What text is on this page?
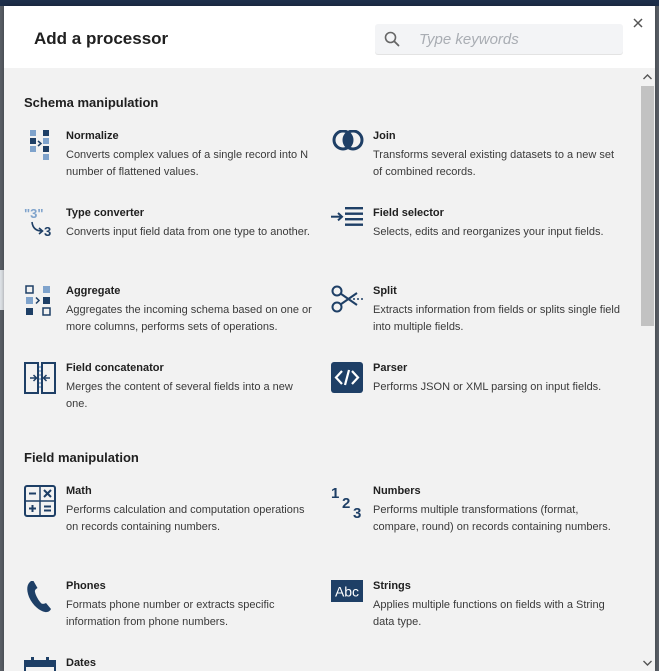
Add a processor
Type keywords
Schema manipulation
Normalize
Converts complex values of a single record into N number of flattened values.
Join
Transforms several existing datasets to a new set of combined records.
"3"
3
Type converter
Converts input field data from one type to another.
Field selector
Selects, edits and reorganizes your input fields.
Aggregate
Aggregates the incoming schema based on one or more columns, performs sets of operations.
Split
Extracts information from fields or splits single field into multiple fields.
Field concatenator
Merges the content of several fields into a new one.
Parser
Performs JSON or XML parsing on input fields.
Field manipulation
Math
Performs calculation and computation operations on records containing numbers.
1
2
3
Numbers
Performs multiple transformations (format, compare, round) on records containing numbers.
Phones
Formats phone number or extracts specific information from phone numbers.
Abc Strings
Applies multiple functions on fields with a String data type.
Dates
